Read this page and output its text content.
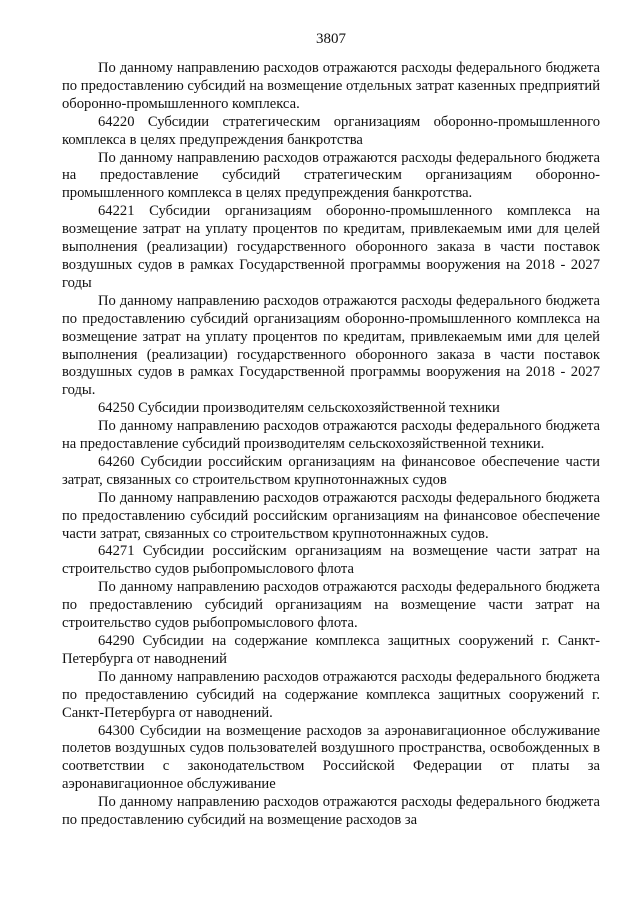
3807

По данному направлению расходов отражаются расходы федерального бюджета по предоставлению субсидий на возмещение отдельных затрат казенных предприятий оборонно-промышленного комплекса.

64220 Субсидии стратегическим организациям оборонно-промышленного комплекса в целях предупреждения банкротства

По данному направлению расходов отражаются расходы федерального бюджета на предоставление субсидий стратегическим организациям оборонно-промышленного комплекса в целях предупреждения банкротства.

64221 Субсидии организациям оборонно-промышленного комплекса на возмещение затрат на уплату процентов по кредитам, привлекаемым ими для целей выполнения (реализации) государственного оборонного заказа в части поставок воздушных судов в рамках Государственной программы вооружения на 2018 - 2027 годы

По данному направлению расходов отражаются расходы федерального бюджета по предоставлению субсидий организациям оборонно-промышленного комплекса на возмещение затрат на уплату процентов по кредитам, привлекаемым ими для целей выполнения (реализации) государственного оборонного заказа в части поставок воздушных судов в рамках Государственной программы вооружения на 2018 - 2027 годы.

64250 Субсидии производителям сельскохозяйственной техники

По данному направлению расходов отражаются расходы федерального бюджета на предоставление субсидий производителям сельскохозяйственной техники.

64260 Субсидии российским организациям на финансовое обеспечение части затрат, связанных со строительством крупнотоннажных судов

По данному направлению расходов отражаются расходы федерального бюджета по предоставлению субсидий российским организациям на финансовое обеспечение части затрат, связанных со строительством крупнотоннажных судов.

64271 Субсидии российским организациям на возмещение части затрат на строительство судов рыбопромыслового флота

По данному направлению расходов отражаются расходы федерального бюджета по предоставлению субсидий организациям на возмещение части затрат на строительство судов рыбопромыслового флота.

64290 Субсидии на содержание комплекса защитных сооружений г. Санкт-Петербурга от наводнений

По данному направлению расходов отражаются расходы федерального бюджета по предоставлению субсидий на содержание комплекса защитных сооружений г. Санкт-Петербурга от наводнений.

64300 Субсидии на возмещение расходов за аэронавигационное обслуживание полетов воздушных судов пользователей воздушного пространства, освобожденных в соответствии с законодательством Российской Федерации от платы за аэронавигационное обслуживание

По данному направлению расходов отражаются расходы федерального бюджета по предоставлению субсидий на возмещение расходов за
